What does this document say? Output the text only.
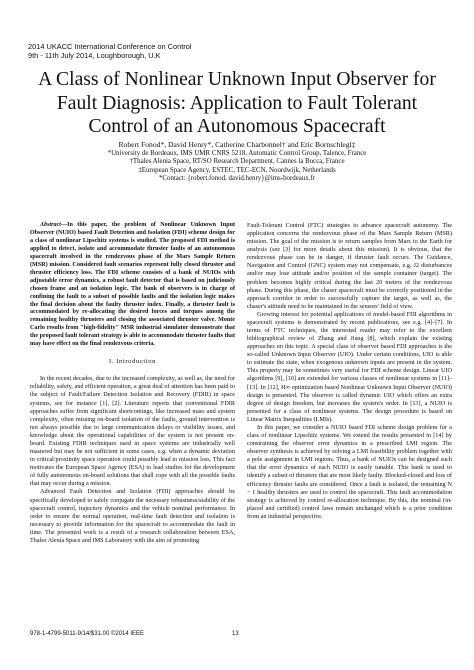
2014 UKACC International Conference on Control
9th - 11th July 2014, Loughborough, U.K
A Class of Nonlinear Unknown Input Observer for
Fault Diagnosis: Application to Fault Tolerant
Control of an Autonomous Spacecraft
Robert Fonod*, David Henry*, Catherine Charbonnel† and Eric Bornschlegl‡
*University de Bordeaux, IMS UMR CNRS 5218, Automatic Control Group, Talence, France
†Thales Alenia Space, RT/SO Research Department, Cannes la Bocca, France
‡European Space Agency, ESTEC, TEC-ECN, Noordwijk, Netherlands
*Contact: {robert.fonod, david.henry}@ims-bordeaux.fr

Abstract—In this paper, the problem of Nonlinear Unknown Input Observer (NUIO) based Fault Detection and Isolation (FDI) scheme design for a class of nonlinear Lipschitz systems is studied. The proposed FDI method is applied to detect, isolate and accommodate thruster faults of an autonomous spacecraft involved in the rendezvous phase of the Mars Sample Return (MSR) mission. Considered fault scenarios represent fully closed thruster and thruster efficiency loss. The FDI scheme consists of a bank of NUIOs with adjustable error dynamics, a robust fault detector that is based on judiciously chosen frame and an isolation logic. The bank of observers is in charge of confining the fault to a subset of possible faults and the isolation logic makes the final decision about the faulty thruster index. Finally, a thruster fault is accommodated by re-allocating the desired forces and torques among the remaining healthy thrusters and closing the associated thruster valve. Monte Carlo results from "high-fidelity" MSR industrial simulator demonstrate that the proposed fault tolerant strategy is able to accommodate thruster faults that may have effect on the final rendezvous criteria.

I. Introduction

In the recent decades, due to the increased complexity, as well as, the need for reliability, safety, and efficient operation, a great deal of attention has been paid to the subject of Fault/Failure Detection Isolation and Recovery (FDIR) in space systems, see for instance [1], [2]. Literature reports that conventional FDIR approaches suffer from significant shortcomings, like increased mass and system complexity, often missing on-board isolation of the faults, ground intervention is not always possible due to large communication delays or visibility issues, and knowledge about the operational capabilities of the system is not present on-board. Existing FDIR techniques used in space systems are industrially well mastered but may be not sufficient in some cases, e.g. when a dynamic deviation in critical/proximity space operation could possibly lead to mission loss. This fact motivates the European Space Agency (ESA) to lead studies for the development of fully autonomous on-board solutions that shall cope with all the possible faults that may occur during a mission.

Advanced Fault Detection and Isolation (FDI) approaches should be specifically developed to safely conjugate the necessary robustness/stability of the spacecraft control, trajectory dynamics and the vehicle nominal performance. In order to ensure the normal operation, real-time fault detection and isolation is necessary to provide information for the spacecraft to accommodate the fault in time. The presented work is a result of a research collaboration between ESA, Thales Alenia Space and IMS Laboratory with the aim of promoting

Fault-Tolerant Control (FTC) strategies to advance spacecraft autonomy. The application concerns the rendezvous phase of the Mars Sample Return (MSR) mission. The goal of the mission is to return samples from Mars to the Earth for analysis (see [3] for more details about this mission). It is obvious, that the rendezvous phase can be in danger, if thruster fault occurs. The Guidance, Navigation and Control (GNC) system may not compensate, e.g. J2 disturbances and/or may lose attitude and/or position of the sample container (target). The problem becomes highly critical during the last 20 meters of the rendezvous phase. During this phase, the chaser spacecraft must be correctly positioned in the approach corridor in order to successfully capture the target, as well as, the chaser's attitude need to be maintained in the sensors' field of view.

Growing interest for potential applications of model-based FDI algorithms in spacecraft systems is demonstrated by recent publications, see e.g. [4]–[7]. In terms of FTC techniques, the interested reader may refer to the excellent bibliographical review of Zhang and Jiang [8], which explain the existing approaches on this topic. A special class of observer based FDI approaches is the so-called Unknown Input Observer (UIO). Under certain conditions, UIO is able to estimate the state, when exogenous unknown inputs are present in the system. This property may be sometimes very useful for FDI scheme design. Linear UIO algorithms [9], [10] are extended for various classes of nonlinear systems in [11]–[13]. In [12], H∞ optimization based Nonlinear Unknown Input Observer (NUIO) design is presented. The observer is called dynamic UIO which offers an extra degree of design freedom, but increases the system's order. In [13], a NUIO is presented for a class of nonlinear systems. The design procedure is based on Linear Matrix Inequalities (LMIs).

In this paper, we consider a NUIO based FDI scheme design problem for a class of nonlinear Lipschitz systems. We extend the results presented in [14] by constraining the observer error dynamics in a prescribed LMI region. The observer synthesis is achieved by solving a LMI feasibility problem together with a pole assignment in LMI regions. Thus, a bank of NUIOs can be designed such that the error dynamics of each NUIO is easily tunable. This bank is used to identify a subset of thrusters that are most likely faulty. Blocked-closed and loss of efficiency thruster faults are considered. Once a fault is isolated, the remaining N − 1 healthy thrusters are used to control the spacecraft. This fault accommodation strategy is achieved by control re-allocation technique. By this, the nominal (in-placed and certified) control laws remain unchanged which is a prior condition from an industrial perspective.

978-1-4799-5011-9/14/$31.00 ©2014 IEEE	13
